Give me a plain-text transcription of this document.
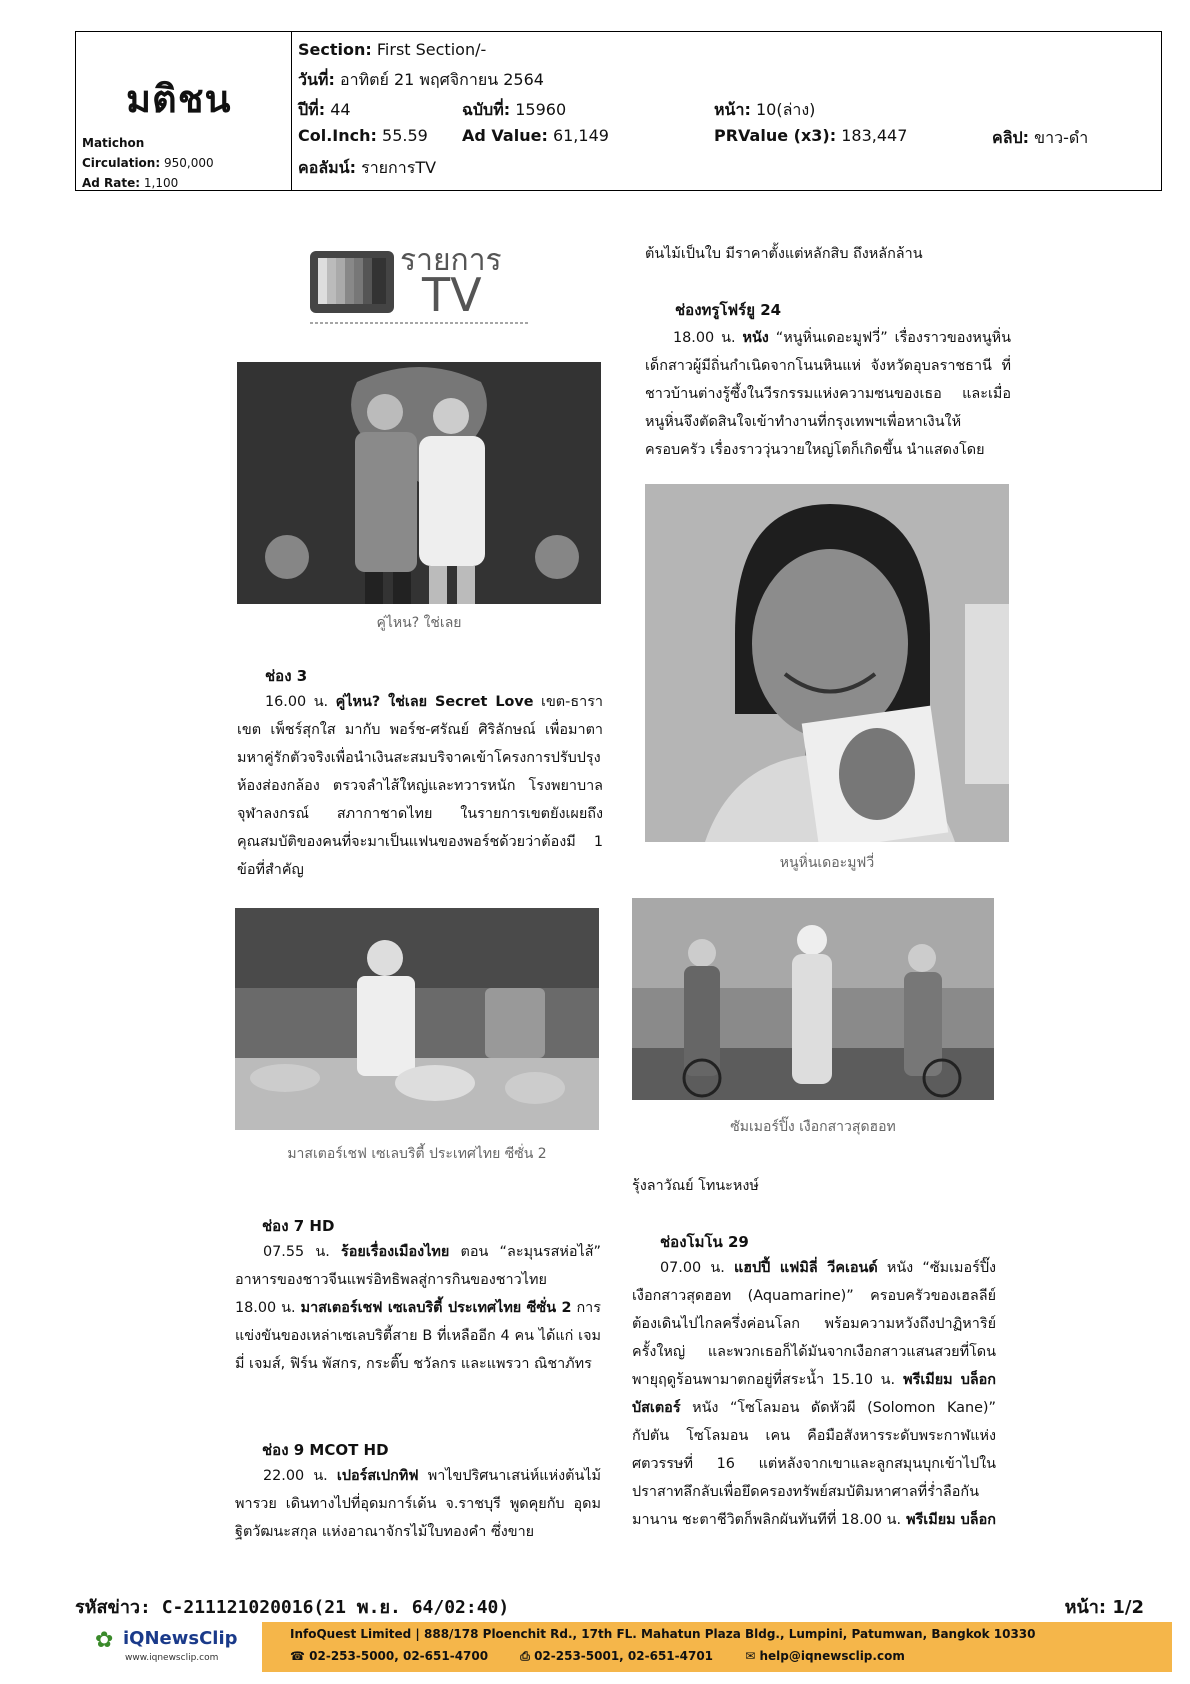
มติชน
Matichon
Circulation: 950,000
Ad Rate: 1,100
Section: First Section/-
วันที่: อาทิตย์ 21 พฤศจิกายน 2564
ปีที่: 44	ฉบับที่: 15960	หน้า: 10(ล่าง)
Col.Inch: 55.59 Ad Value: 61,149	PRValue (x3): 183,447	คลิป: ขาว-ดำ
คอลัมน์: รายการTV
รายการ
TV
คู่ไหน? ใช่เลย
ช่อง 3
16.00 น. คู่ไหน? ใช่เลย Secret Love เขต-ธารา เขต เพ็ชร์สุกใส มากับ พอร์ช-ศรัณย์ ศิริลักษณ์ เพื่อมาตามหาคู่รักตัวจริงเพื่อนำเงินสะสมบริจาคเข้าโครงการปรับปรุงห้องส่องกล้อง ตรวจลำไส้ใหญ่และทวารหนัก โรงพยาบาลจุฬาลงกรณ์ สภากาชาดไทย ในรายการเขตยังเผยถึงคุณสมบัติของคนที่จะมาเป็นแฟนของพอร์ชด้วยว่าต้องมี 1 ข้อที่สำคัญ
มาสเตอร์เชฟ เซเลบริตี้ ประเทศไทย ซีซั่น 2
ช่อง 7 HD
07.55 น. ร้อยเรื่องเมืองไทย ตอน “ละมุนรสห่อไส้” อาหารของชาวจีนแพร่อิทธิพลสู่การกินของชาวไทย
18.00 น. มาสเตอร์เชฟ เซเลบริตี้ ประเทศไทย ซีซั่น 2 การแข่งขันของเหล่าเซเลบริตี้สาย B ที่เหลืออีก 4 คน ได้แก่ เจมมี่ เจมส์, ฟิร์น พัสกร, กระติ๊บ ชวัลกร และแพรวา ณิชาภัทร
ช่อง 9 MCOT HD
22.00 น. เปอร์สเปกทิฟ พาไขปริศนาเสน่ห์แห่งต้นไม้พารวย เดินทางไปที่อุดมการ์เด้น จ.ราชบุรี พูดคุยกับ อุดม ฐิตวัฒนะสกุล แห่งอาณาจักรไม้ใบทองคำ ซึ่งขาย
ต้นไม้เป็นใบ มีราคาตั้งแต่หลักสิบ ถึงหลักล้าน
ช่องทรูโฟร์ยู 24
18.00 น. หนัง “หนูหิ่นเดอะมูฟวี่” เรื่องราวของหนูหิ่นเด็กสาวผู้มีถิ่นกำเนิดจากโนนหินแห่ จังหวัดอุบลราชธานี ที่ชาวบ้านต่างรู้ซึ้งในวีรกรรมแห่งความซนของเธอ และเมื่อหนูหิ่นจึงตัดสินใจเข้าทำงานที่กรุงเทพฯเพื่อหาเงินให้ครอบครัว เรื่องราววุ่นวายใหญ่โตก็เกิดขึ้น นำแสดงโดย
หนูหิ่นเดอะมูฟวี่
ซัมเมอร์ปิ๊ง เงือกสาวสุดฮอท
รุ้งลาวัณย์ โทนะหงษ์
ช่องโมโน 29
07.00 น. แฮปปี้ แฟมิลี่ วีคเอนด์ หนัง “ซัมเมอร์ปิ๊ง เงือกสาวสุดฮอท (Aquamarine)” ครอบครัวของเฮลลีย์ต้องเดินไปไกลครึ่งค่อนโลก พร้อมความหวังถึงปาฏิหาริย์ครั้งใหญ่ และพวกเธอก็ได้มันจากเงือกสาวแสนสวยที่โดนพายุฤดูร้อนพามาตกอยู่ที่สระน้ำ 15.10 น. พรีเมียม บล็อกบัสเตอร์ หนัง “โซโลมอน ดัดหัวผี (Solomon Kane)” กัปตัน โซโลมอน เคน คือมือสังหารระดับพระกาฬแห่งศตวรรษที่ 16 แต่หลังจากเขาและลูกสมุนบุกเข้าไปในปราสาทลึกลับเพื่อยึดครองทรัพย์สมบัติมหาศาลที่ร่ำลือกันมานาน ชะตาชีวิตก็พลิกผันทันทีที่ 18.00 น. พรีเมียม บล็อก
รหัสข่าว: C-211121020016(21 พ.ย. 64/02:40)	หน้า: 1/2
✿ iQNewsClip
www.iqnewsclip.com
InfoQuest Limited | 888/178 Ploenchit Rd., 17th FL. Mahatun Plaza Bldg., Lumpini, Patumwan, Bangkok 10330
☎ 02-253-5000, 02-651-4700	⎙ 02-253-5001, 02-651-4701	✉ help@iqnewsclip.com
